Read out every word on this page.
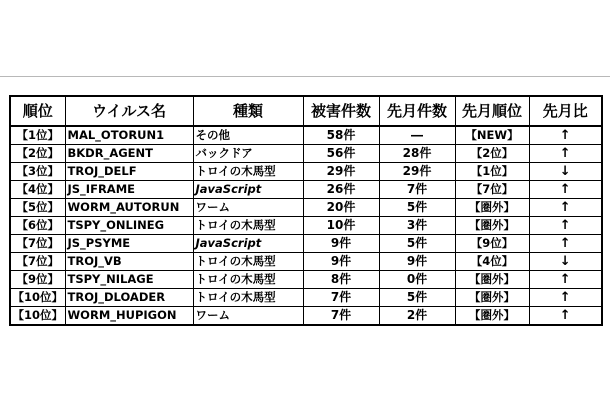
順位	ウイルス名	種類	被害件数	先月件数	先月順位	先月比
【1位】	MAL_OTORUN1	その他	58件	―	【NEW】	↑
【2位】	BKDR_AGENT	バックドア	56件	28件	【2位】	↑
【3位】	TROJ_DELF	トロイの木馬型	29件	29件	【1位】	↓
【4位】	JS_IFRAME	JavaScript	26件	7件	【7位】	↑
【5位】	WORM_AUTORUN	ワーム	20件	5件	【圏外】	↑
【6位】	TSPY_ONLINEG	トロイの木馬型	10件	3件	【圏外】	↑
【7位】	JS_PSYME	JavaScript	9件	5件	【9位】	↑
【7位】	TROJ_VB	トロイの木馬型	9件	9件	【4位】	↓
【9位】	TSPY_NILAGE	トロイの木馬型	8件	0件	【圏外】	↑
【10位】	TROJ_DLOADER	トロイの木馬型	7件	5件	【圏外】	↑
【10位】	WORM_HUPIGON	ワーム	7件	2件	【圏外】	↑
